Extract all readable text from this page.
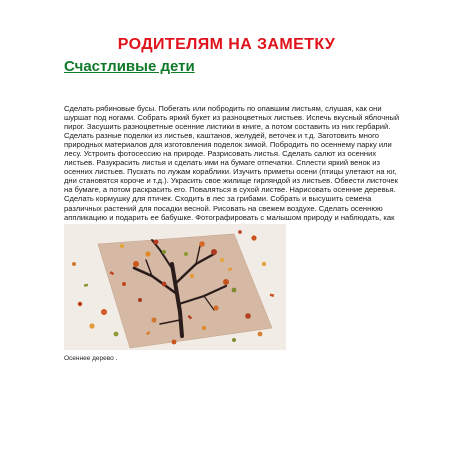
РОДИТЕЛЯМ НА ЗАМЕТКУ
Счастливые дети

Сделать рябиновые бусы. Побегать или побродить по опавшим листьям, слушая, как они шуршат под ногами. Собрать яркий букет из разноцветных листьев. Испечь вкусный яблочный пирог. Засушить разноцветные осенние листики в книге, а потом составить из них гербарий. Сделать разные поделки из листьев, каштанов, желудей, веточек и т.д. Заготовить много природных материалов для изготовления поделок зимой. Побродить по осеннему парку или лесу. Устроить фотосессию на природе. Разрисовать листья. Сделать салют из осенних листьев. Разукрасить листья и сделать ими на бумаге отпечатки. Сплести яркий венок из осенних листьев. Пускать по лужам кораблики. Изучить приметы осени (птицы улетают на юг, дни становятся короче и т.д.). Украсить свое жилище гирляндой из листьев. Обвести листочек на бумаге, а потом раскрасить его. Поваляться в сухой листве. Нарисовать осенние деревья. Сделать кормушку для птичек. Сходить в лес за грибами. Собрать и высушить семена различных растений для посадки весной. Рисовать на свежем воздухе. Сделать осеннюю аппликацию и подарить ее бабушке. Фотографировать с малышом природу и наблюдать, как

Осеннее дерево .
